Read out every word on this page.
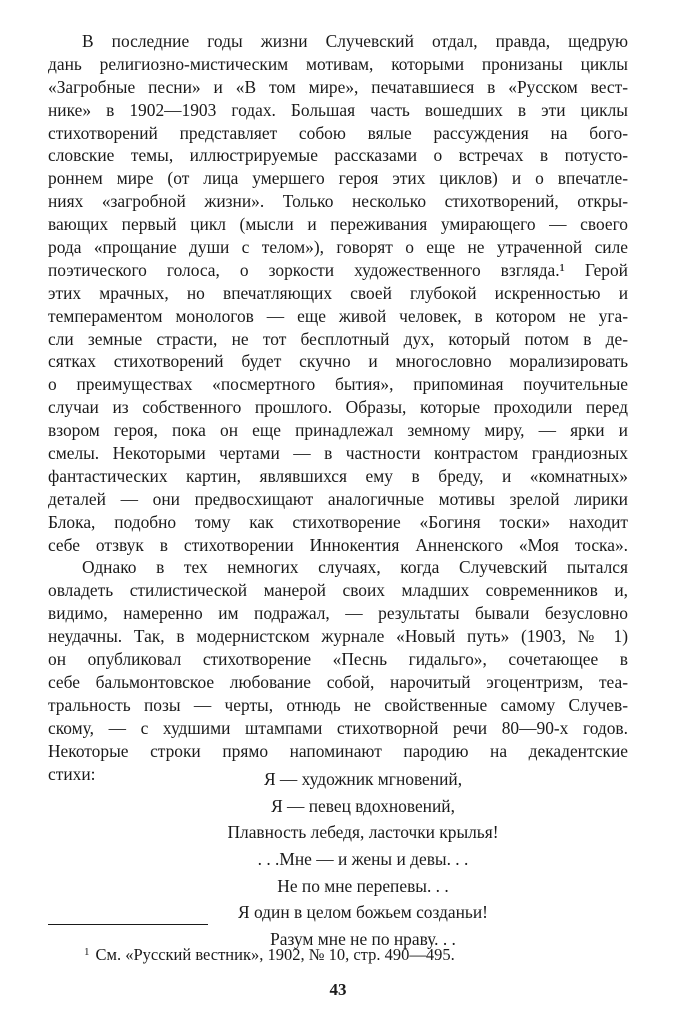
В последние годы жизни Случевский отдал, правда, щедрую
дань религиозно-мистическим мотивам, которыми пронизаны циклы
«Загробные песни» и «В том мире», печатавшиеся в «Русском вест-
нике» в 1902—1903 годах. Большая часть вошедших в эти циклы
стихотворений представляет собою вялые рассуждения на бого-
словские темы, иллюстрируемые рассказами о встречах в потусто-
роннем мире (от лица умершего героя этих циклов) и о впечатле-
ниях «загробной жизни». Только несколько стихотворений, откры-
вающих первый цикл (мысли и переживания умирающего — своего
рода «прощание души с телом»), говорят о еще не утраченной силе
поэтического голоса, о зоркости художественного взгляда.¹ Герой
этих мрачных, но впечатляющих своей глубокой искренностью и
темпераментом монологов — еще живой человек, в котором не уга-
сли земные страсти, не тот бесплотный дух, который потом в де-
сятках стихотворений будет скучно и многословно морализировать
о преимуществах «посмертного бытия», припоминая поучительные
случаи из собственного прошлого. Образы, которые проходили перед
взором героя, пока он еще принадлежал земному миру, — ярки и
смелы. Некоторыми чертами — в частности контрастом грандиозных
фантастических картин, являвшихся ему в бреду, и «комнатных»
деталей — они предвосхищают аналогичные мотивы зрелой лирики
Блока, подобно тому как стихотворение «Богиня тоски» находит
себе отзвук в стихотворении Иннокентия Анненского «Моя тоска».
Однако в тех немногих случаях, когда Случевский пытался
овладеть стилистической манерой своих младших современников и,
видимо, намеренно им подражал, — результаты бывали безусловно
неудачны. Так, в модернистском журнале «Новый путь» (1903, № 1)
он опубликовал стихотворение «Песнь гидальго», сочетающее в
себе бальмонтовское любование собой, нарочитый эгоцентризм, теа-
тральность позы — черты, отнюдь не свойственные самому Случев-
скому, — с худшими штампами стихотворной речи 80—90-х годов.
Некоторые строки прямо напоминают пародию на декадентские
стихи:	Я — художник мгновений,
Я — певец вдохновений,
Плавность лебедя, ласточки крылья!
. . .Мне — и жены и девы. . .
Не по мне перепевы. . .
Я один в целом божьем созданьи!
Разум мне не по нраву. . .
$^1$ См. «Русский вестник», 1902, № 10, стр. 490—495.
43
